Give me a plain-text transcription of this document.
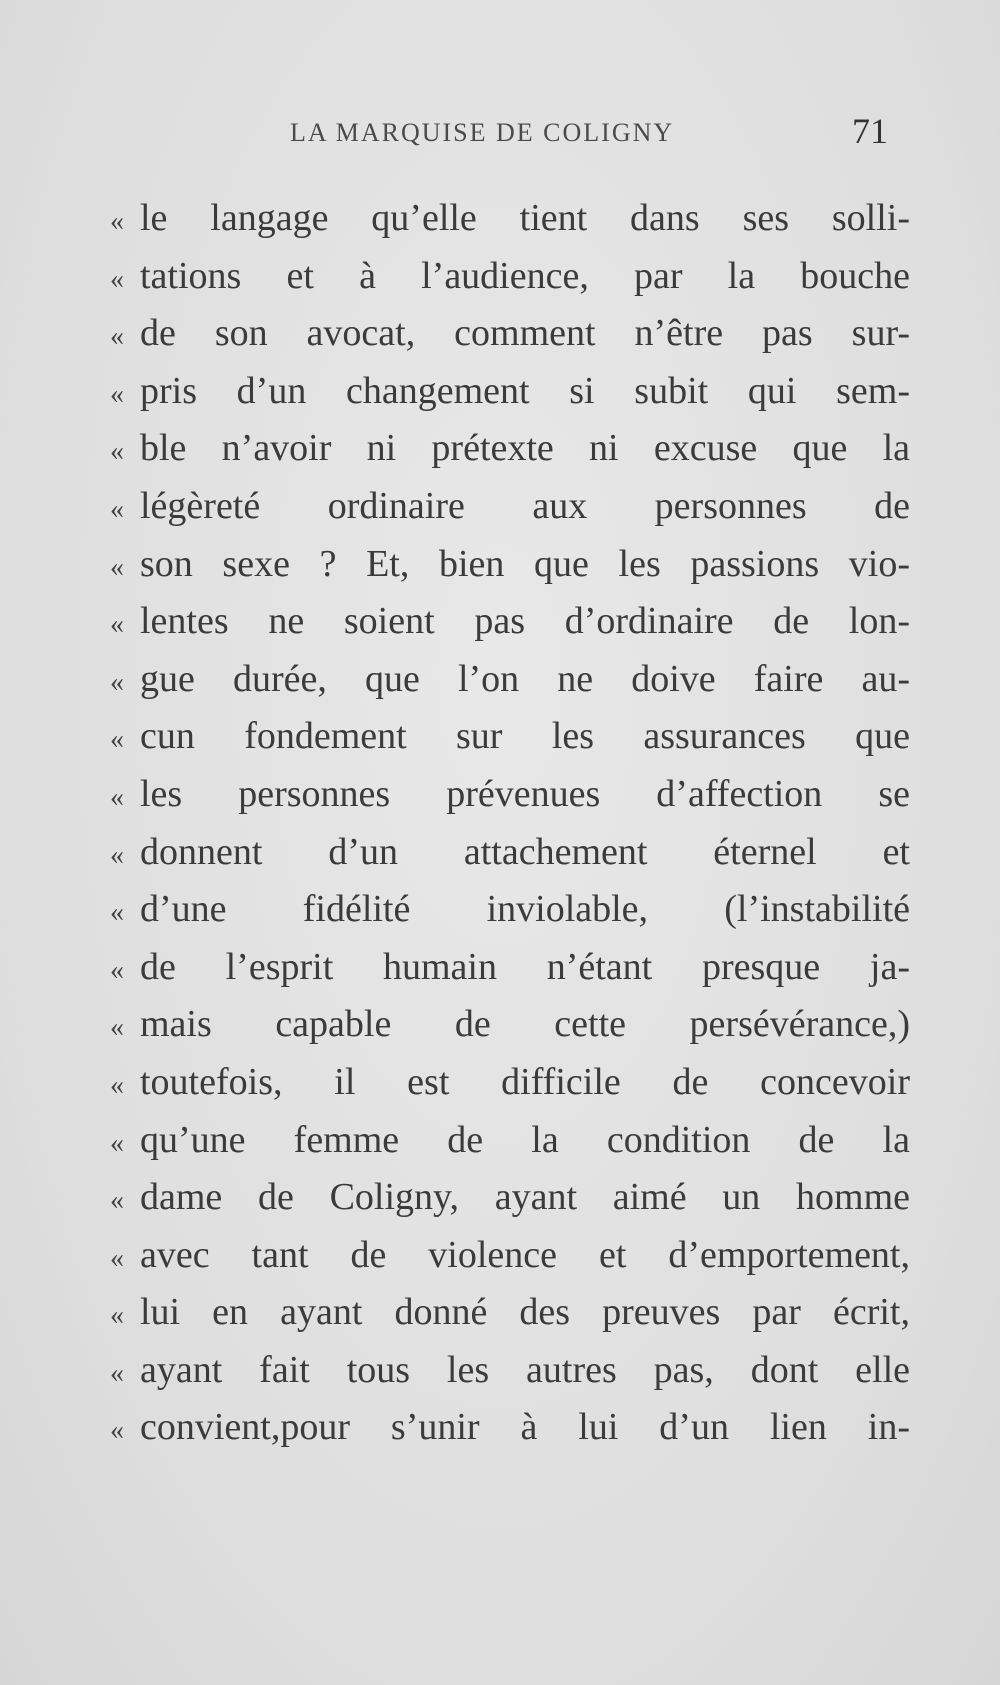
LA MARQUISE DE COLIGNY	71
« le langage qu’elle tient dans ses solli-
« tations et à l’audience, par la bouche
« de son avocat, comment n’être pas sur-
« pris d’un changement si subit qui sem-
« ble n’avoir ni prétexte ni excuse que la
« légèreté ordinaire aux personnes de
« son sexe ? Et, bien que les passions vio-
« lentes ne soient pas d’ordinaire de lon-
« gue durée, que l’on ne doive faire au-
« cun fondement sur les assurances que
« les personnes prévenues d’affection se
« donnent d’un attachement éternel et
« d’une fidélité inviolable, (l’instabilité
« de l’esprit humain n’étant presque ja-
« mais capable de cette persévérance,)
« toutefois, il est difficile de concevoir
« qu’une femme de la condition de la
« dame de Coligny, ayant aimé un homme
« avec tant de violence et d’emportement,
« lui en ayant donné des preuves par écrit,
« ayant fait tous les autres pas, dont elle
« convient,pour s’unir à lui d’un lien in-
